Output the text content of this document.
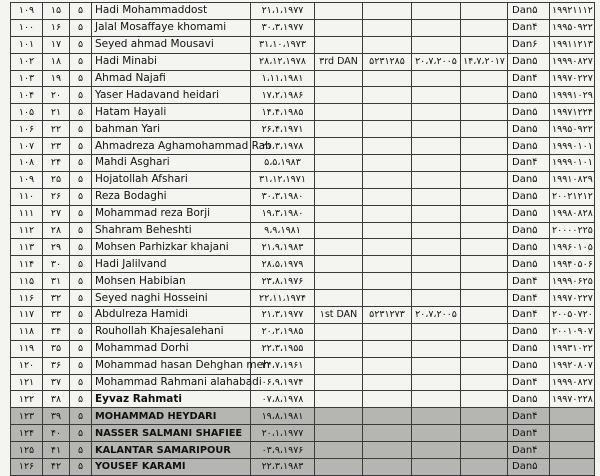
۱۰۹	۱۵	۵	Hadi Mohammaddost	۲۱،۱،۱۹۷۷					Dan۵	۱۹۹۲۱۱۱۲
۱۰۰	۱۶	۵	Jalal Mosaffaye khomami	۳۰،۳،۱۹۷۷					Dan۴	۱۹۹۵۰۹۲۲
۱۰۱	۱۷	۵	Seyed ahmad Mousavi	۳۱،۱۰،۱۹۷۳					Dan۶	۱۹۹۱۱۲۱۳
۱۰۲	۱۸	۵	Hadi Minabi	۲۸،۱۲،۱۹۷۸	۳rd DAN	۵۲۳۱۲۸۵	۲۰،۷،۲۰۰۵	۱۴،۷،۲۰۱۷	Dan۵	۱۹۹۹۰۸۲۷
۱۰۳	۱۹	۵	Ahmad Najafi	۱،۱۱،۱۹۸۱					Dan۴	۱۹۹۷۰۲۲۷
۱۰۴	۲۰	۵	Yaser Hadavand heidari	۱۷،۲،۱۹۸۶					Dan۵	۱۹۹۹۱۰۲۹
۱۰۵	۲۱	۵	Hatam Hayali	۱۴،۴،۱۹۸۵					Dan۵	۱۹۹۷۱۲۲۴
۱۰۶	۲۲	۵	bahman Yari	۲۶،۴،۱۹۷۱					Dan۵	۱۹۹۵۰۹۲۲
۱۰۷	۲۳	۵	Ahmadreza Aghamohammad Rab	۲۱،۳،۱۹۷۸					Dan۵	۱۹۹۹۰۱۰۱
۱۰۸	۲۴	۵	Mahdi Asghari	۵،۵،۱۹۸۳					Dan۴	۱۹۹۹۰۱۰۱
۱۰۹	۲۵	۵	Hojatollah Afshari	۳۱،۱۲،۱۹۷۱					Dan۵	۱۹۹۱۰۸۲۹
۱۱۰	۲۶	۵	Reza Bodaghi	۳۰،۳،۱۹۸۰					Dan۵	۲۰۰۲۱۲۱۲
۱۱۱	۲۷	۵	Mohammad reza Borji	۱۹،۳،۱۹۸۰					Dan۵	۱۹۹۸۰۸۲۸
۱۱۲	۲۸	۵	Shahram Beheshti	۹،۹،۱۹۸۱					Dan۵	۲۰۰۰۰۲۲۵
۱۱۳	۲۹	۵	Mohsen Parhizkar khajani	۲۱،۹،۱۹۸۳					Dan۵	۱۹۹۶۰۱۰۵
۱۱۴	۳۰	۵	Hadi Jalilvand	۲۸،۵،۱۹۷۹					Dan۵	۱۹۹۴۰۵۰۶
۱۱۵	۳۱	۵	Mohsen Habibian	۲۳،۸،۱۹۷۶					Dan۴	۱۹۹۹۰۶۲۵
۱۱۶	۳۲	۵	Seyed naghi Hosseini	۲۲،۱۱،۱۹۷۴					Dan۴	۱۹۹۷۰۲۲۷
۱۱۷	۳۳	۵	Abdulreza Hamidi	۲۱،۳،۱۹۷۷	۱st DAN	۵۲۳۱۲۷۳	۲۰،۷،۲۰۰۵		Dan۴	۲۰۰۵۰۷۲۰
۱۱۸	۳۴	۵	Rouhollah Khajesalehani	۲۰،۲،۱۹۸۵					Dan۵	۲۰۰۱۰۹۰۷
۱۱۹	۳۵	۵	Mohammad Dorhi	۲۲،۳،۱۹۵۵					Dan۵	۱۹۹۳۱۰۲۲
۱۲۰	۳۶	۵	Mohammad hasan Dehghan meh	۲۴،۷،۱۹۶۱					Dan۵	۱۹۹۲۰۸۰۷
۱۲۱	۳۷	۵	Mohammad Rahmani alahabadi	۰۶،۹،۱۹۷۴					Dan۴	۱۹۹۹۰۸۲۷
۱۲۲	۳۸	۵	Eyvaz Rahmati	۰۷،۸،۱۹۷۸					Dan۵	۱۹۹۷۰۲۲۸
۱۲۳	۳۹	۵	MOHAMMAD HEYDARI	۱۹،۸،۱۹۸۱					Dan۴	
۱۲۴	۴۰	۵	NASSER SALMANI SHAFIEE	۲۰،۱،۱۹۷۷					Dan۴	
۱۲۵	۴۱	۵	KALANTAR SAMARIPOUR	۰۳،۹،۱۹۷۶					Dan۴	
۱۲۶	۴۲	۵	YOUSEF KARAMI	۲۲،۳،۱۹۸۳					Dan۵	
